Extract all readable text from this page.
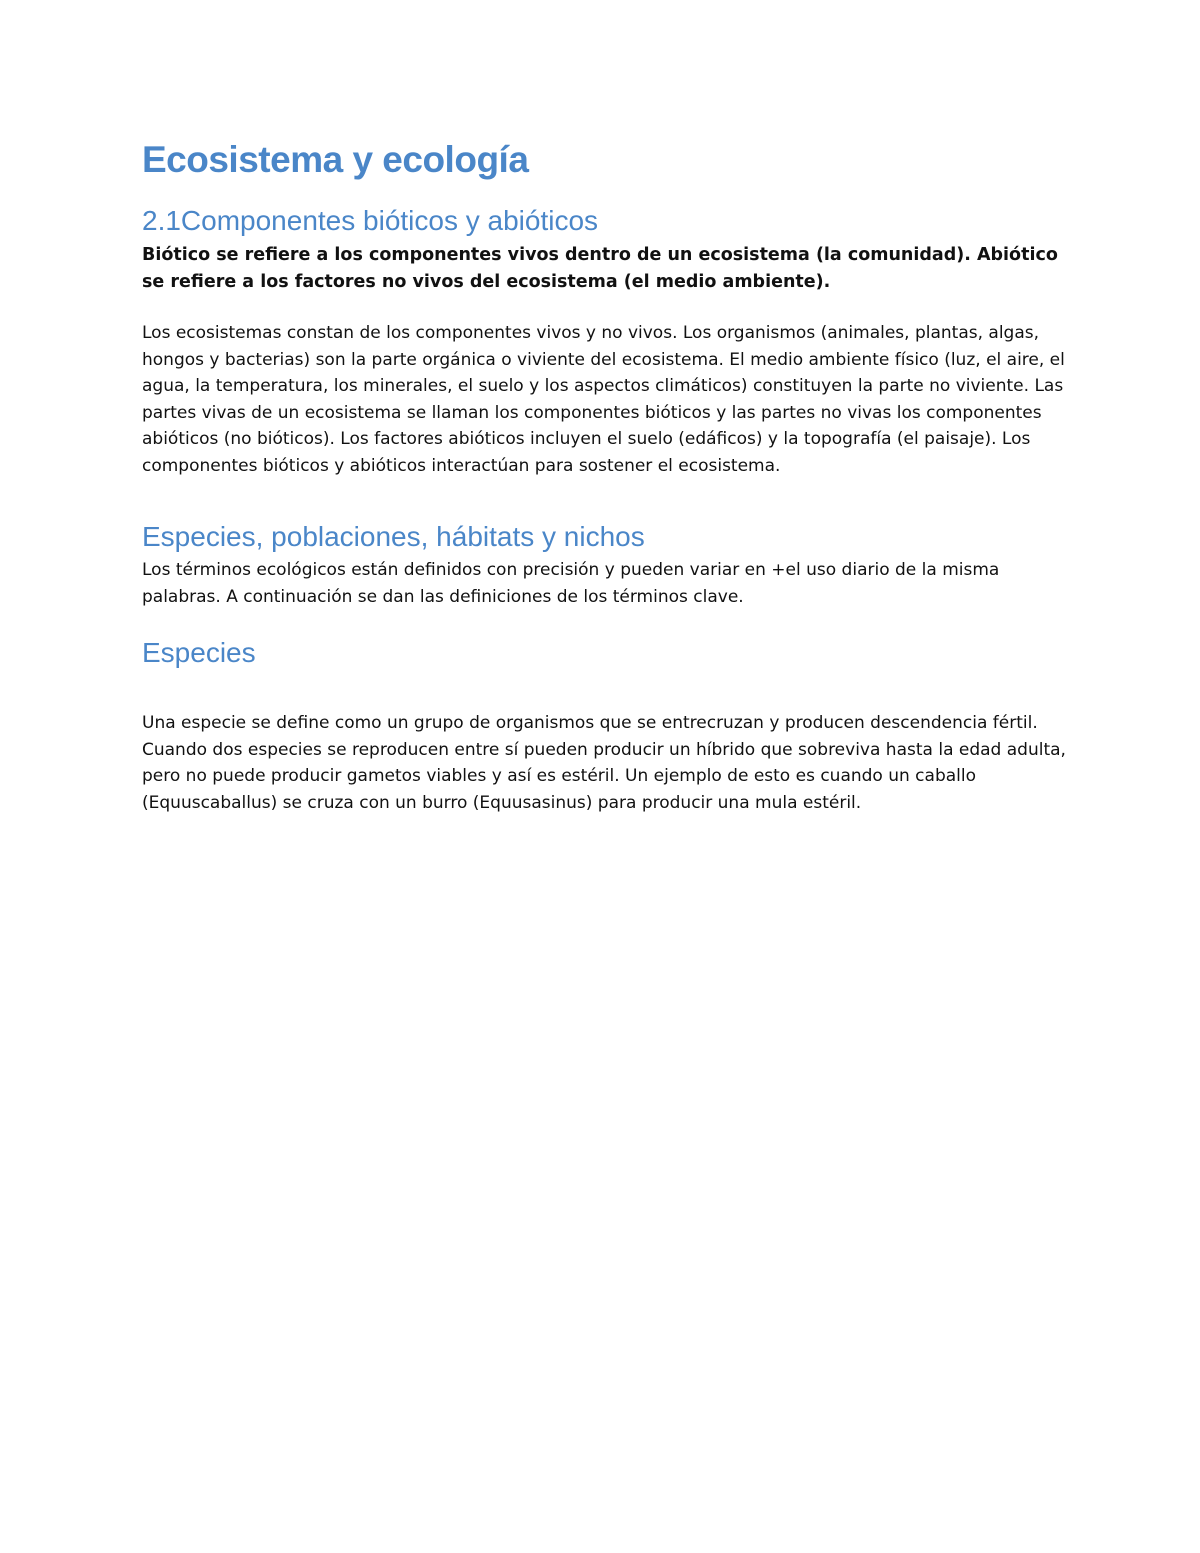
Ecosistema y ecología
2.1Componentes bióticos y abióticos

Biótico se refiere a los componentes vivos dentro de un ecosistema (la comunidad). Abiótico se refiere a los factores no vivos del ecosistema (el medio ambiente).

Los ecosistemas constan de los componentes vivos y no vivos. Los organismos (animales, plantas, algas, hongos y bacterias) son la parte orgánica o viviente del ecosistema. El medio ambiente físico (luz, el aire, el agua, la temperatura, los minerales, el suelo y los aspectos climáticos) constituyen la parte no viviente. Las partes vivas de un ecosistema se llaman los componentes bióticos y las partes no vivas los componentes abióticos (no bióticos). Los factores abióticos incluyen el suelo (edáficos) y la topografía (el paisaje). Los componentes bióticos y abióticos interactúan para sostener el ecosistema.

Especies, poblaciones, hábitats y nichos

Los términos ecológicos están definidos con precisión y pueden variar en +el uso diario de la misma palabras. A continuación se dan las definiciones de los términos clave.

Especies

Una especie se define como un grupo de organismos que se entrecruzan y producen descendencia fértil. Cuando dos especies se reproducen entre sí pueden producir un híbrido que sobreviva hasta la edad adulta, pero no puede producir gametos viables y así es estéril. Un ejemplo de esto es cuando un caballo (Equuscaballus) se cruza con un burro (Equusasinus) para producir una mula estéril.
